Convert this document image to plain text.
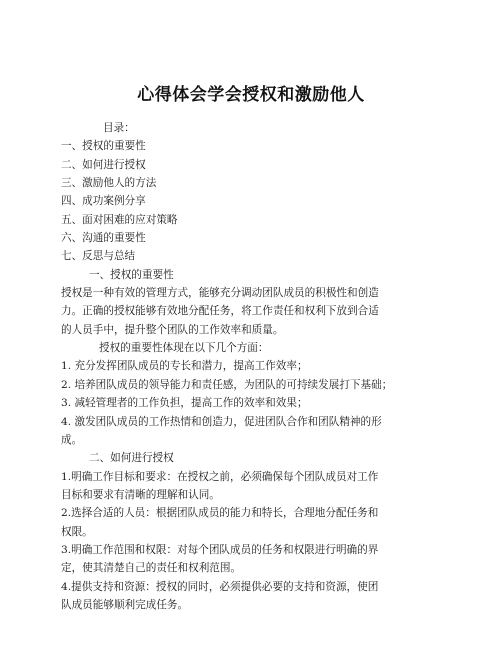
心得体会学会授权和激励他人

目录：

一、授权的重要性

二、如何进行授权

三、激励他人的方法

四、成功案例分享

五、面对困难的应对策略

六、沟通的重要性

七、反思与总结

一、授权的重要性

授权是一种有效的管理方式，能够充分调动团队成员的积极性和创造

力。正确的授权能够有效地分配任务，将工作责任和权利下放到合适

的人员手中，提升整个团队的工作效率和质量。

授权的重要性体现在以下几个方面：

1. 充分发挥团队成员的专长和潜力，提高工作效率；

2. 培养团队成员的领导能力和责任感，为团队的可持续发展打下基础；

3. 减轻管理者的工作负担，提高工作的效率和效果；

4. 激发团队成员的工作热情和创造力，促进团队合作和团队精神的形

成。

二、如何进行授权

1.明确工作目标和要求：在授权之前，必须确保每个团队成员对工作

目标和要求有清晰的理解和认同。

2.选择合适的人员：根据团队成员的能力和特长，合理地分配任务和

权限。

3.明确工作范围和权限：对每个团队成员的任务和权限进行明确的界

定，使其清楚自己的责任和权利范围。

4.提供支持和资源：授权的同时，必须提供必要的支持和资源，使团

队成员能够顺利完成任务。
